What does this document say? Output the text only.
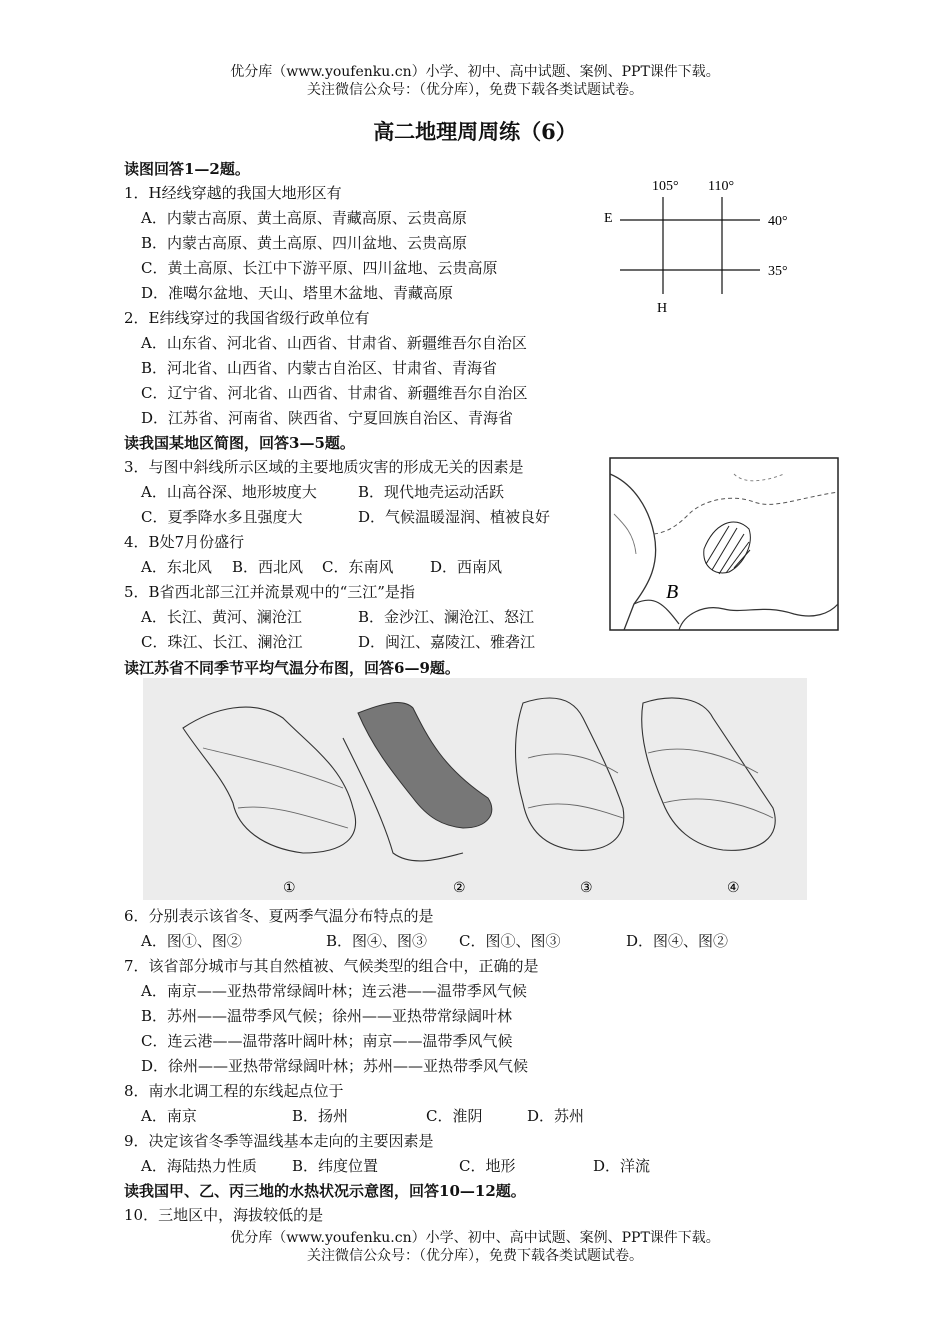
优分库（www.youfenku.cn）小学、初中、高中试题、案例、PPT课件下载。
关注微信公众号：（优分库），免费下载各类试题试卷。
高二地理周周练（6）
读图回答1—2题。
1．H经线穿越的我国大地形区有
A．内蒙古高原、黄土高原、青藏高原、云贵高原
B．内蒙古高原、黄土高原、四川盆地、云贵高原
C．黄土高原、长江中下游平原、四川盆地、云贵高原
D．准噶尔盆地、天山、塔里木盆地、青藏高原
2．E纬线穿过的我国省级行政单位有
A．山东省、河北省、山西省、甘肃省、新疆维吾尔自治区
B．河北省、山西省、内蒙古自治区、甘肃省、青海省
C．辽宁省、河北省、山西省、甘肃省、新疆维吾尔自治区
D．江苏省、河南省、陕西省、宁夏回族自治区、青海省
105° 110°
40°
35°
E
H
读我国某地区简图，回答3—5题。
3．与图中斜线所示区域的主要地质灾害的形成无关的因素是
A．山高谷深、地形坡度大	B．现代地壳运动活跃
C．夏季降水多且强度大	D．气候温暖湿润、植被良好
4．B处7月份盛行
A．东北风 B．西北风 C．东南风 D．西南风
5．B省西北部三江并流景观中的“三江”是指
A．长江、黄河、澜沧江	B．金沙江、澜沧江、怒江
C．珠江、长江、澜沧江	D．闽江、嘉陵江、雅砻江
B
读江苏省不同季节平均气温分布图，回答6—9题。
①	②	③	④
6．分别表示该省冬、夏两季气温分布特点的是
A．图①、图②	B．图④、图③ C．图①、图③	D．图④、图②
7．该省部分城市与其自然植被、气候类型的组合中，正确的是
A．南京——亚热带常绿阔叶林；连云港——温带季风气候
B．苏州——温带季风气候；徐州——亚热带常绿阔叶林
C．连云港——温带落叶阔叶林；南京——温带季风气候
D．徐州——亚热带常绿阔叶林；苏州——亚热带季风气候
8．南水北调工程的东线起点位于
A．南京	B．扬州	C．淮阴	D．苏州
9．决定该省冬季等温线基本走向的主要因素是
A．海陆热力性质 B．纬度位置	C．地形	D．洋流
读我国甲、乙、丙三地的水热状况示意图，回答10—12题。
10．三地区中，海拔较低的是
优分库（www.youfenku.cn）小学、初中、高中试题、案例、PPT课件下载。
关注微信公众号：（优分库），免费下载各类试题试卷。
